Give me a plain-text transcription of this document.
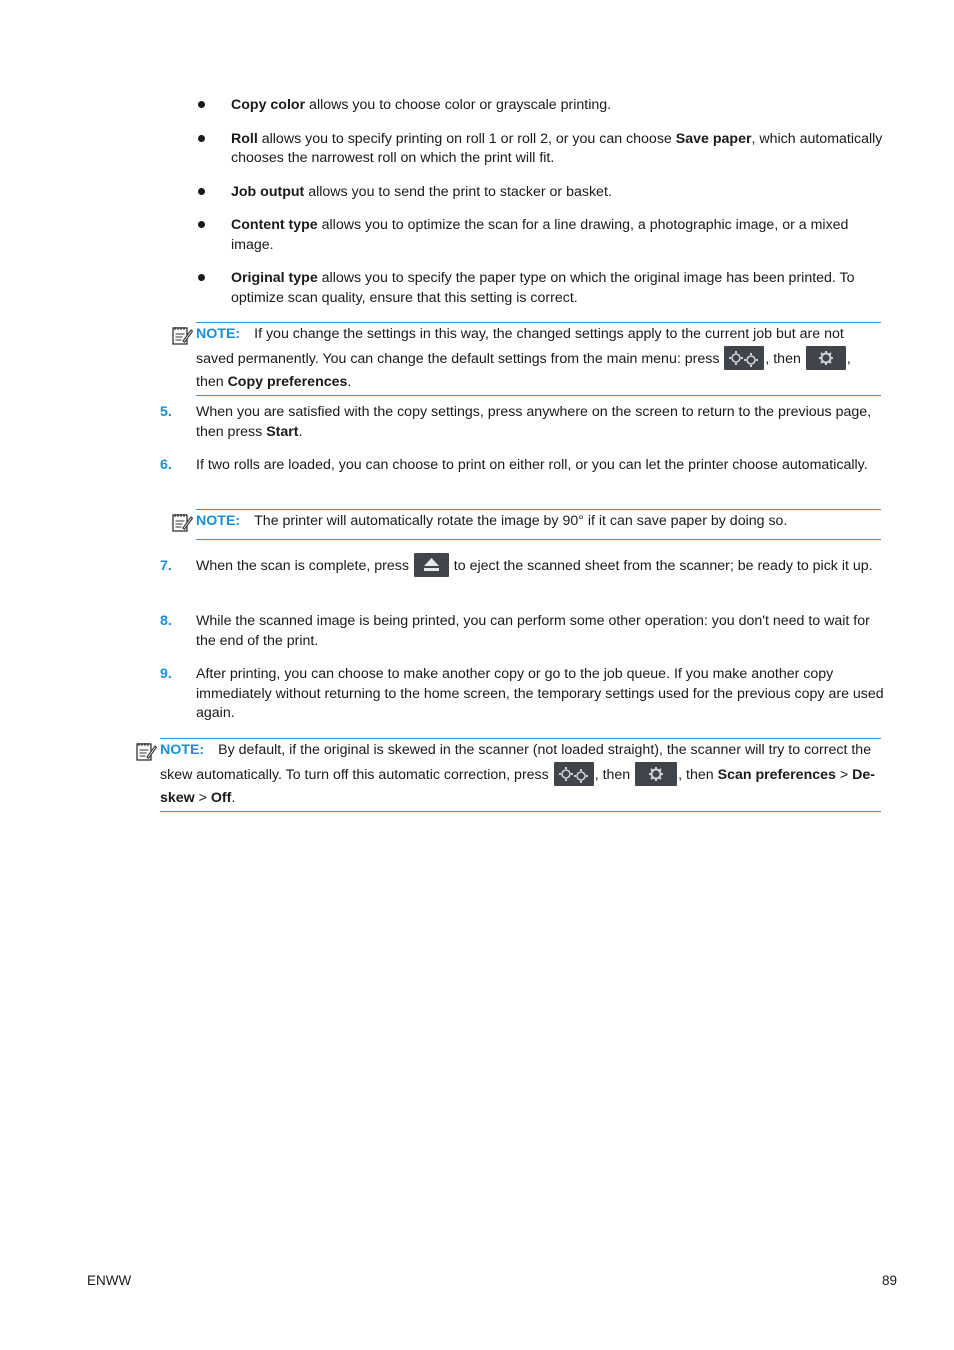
Copy color allows you to choose color or grayscale printing.
Roll allows you to specify printing on roll 1 or roll 2, or you can choose Save paper, which automatically chooses the narrowest roll on which the print will fit.
Job output allows you to send the print to stacker or basket.
Content type allows you to optimize the scan for a line drawing, a photographic image, or a mixed image.
Original type allows you to specify the paper type on which the original image has been printed. To optimize scan quality, ensure that this setting is correct.
NOTE: If you change the settings in this way, the changed settings apply to the current job but are not saved permanently. You can change the default settings from the main menu: press	, then	, then Copy preferences.
5. When you are satisfied with the copy settings, press anywhere on the screen to return to the previous page, then press Start.
6. If two rolls are loaded, you can choose to print on either roll, or you can let the printer choose automatically.
NOTE: The printer will automatically rotate the image by 90° if it can save paper by doing so.
7. When the scan is complete, press	to eject the scanned sheet from the scanner; be ready to pick it up.
8. While the scanned image is being printed, you can perform some other operation: you don't need to wait for the end of the print.
9. After printing, you can choose to make another copy or go to the job queue. If you make another copy immediately without returning to the home screen, the temporary settings used for the previous copy are used again.
NOTE: By default, if the original is skewed in the scanner (not loaded straight), the scanner will try to correct the skew automatically. To turn off this automatic correction, press	, then	, then Scan preferences > De-skew > Off.
ENWW	89
